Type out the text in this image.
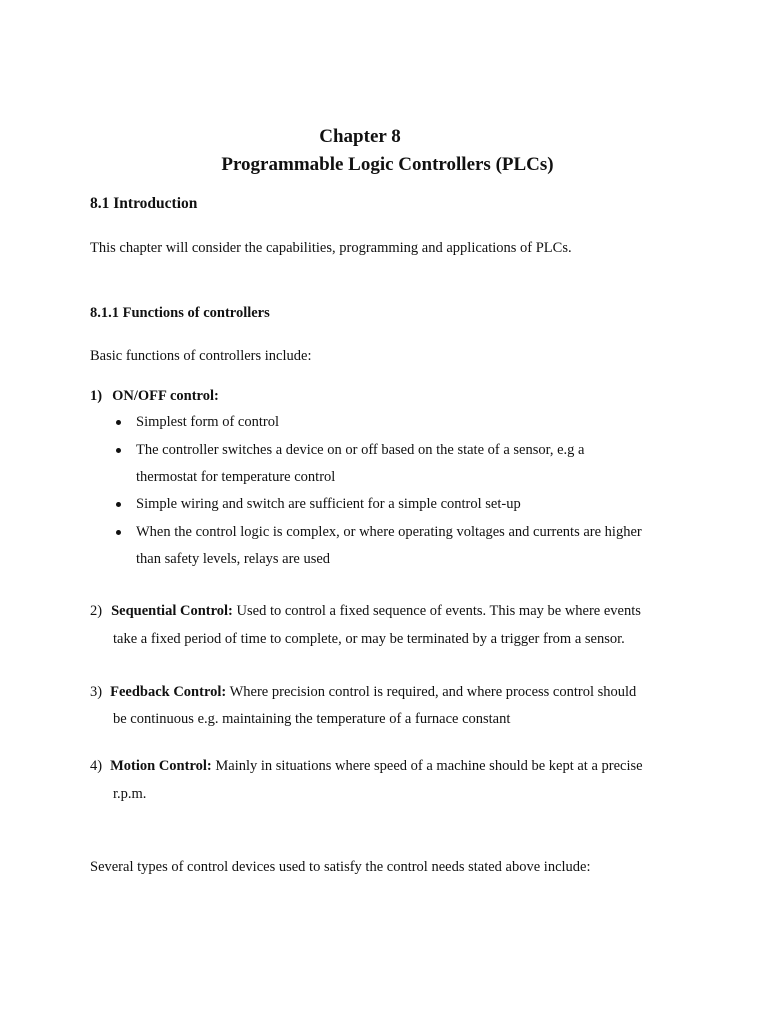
Chapter 8
Programmable Logic Controllers (PLCs)
8.1 Introduction
This chapter will consider the capabilities, programming and applications of PLCs.
8.1.1 Functions of controllers
Basic functions of controllers include:
1) ON/OFF control:
Simplest form of control
The controller switches a device on or off based on the state of a sensor, e.g a
thermostat for temperature control
Simple wiring and switch are sufficient for a simple control set-up
When the control logic is complex, or where operating voltages and currents are higher
than safety levels, relays are used
2) Sequential Control: Used to control a fixed sequence of events. This may be where events
take a fixed period of time to complete, or may be terminated by a trigger from a sensor.
3) Feedback Control: Where precision control is required, and where process control should
be continuous e.g. maintaining the temperature of a furnace constant
4) Motion Control: Mainly in situations where speed of a machine should be kept at a precise
r.p.m.
Several types of control devices used to satisfy the control needs stated above include:
